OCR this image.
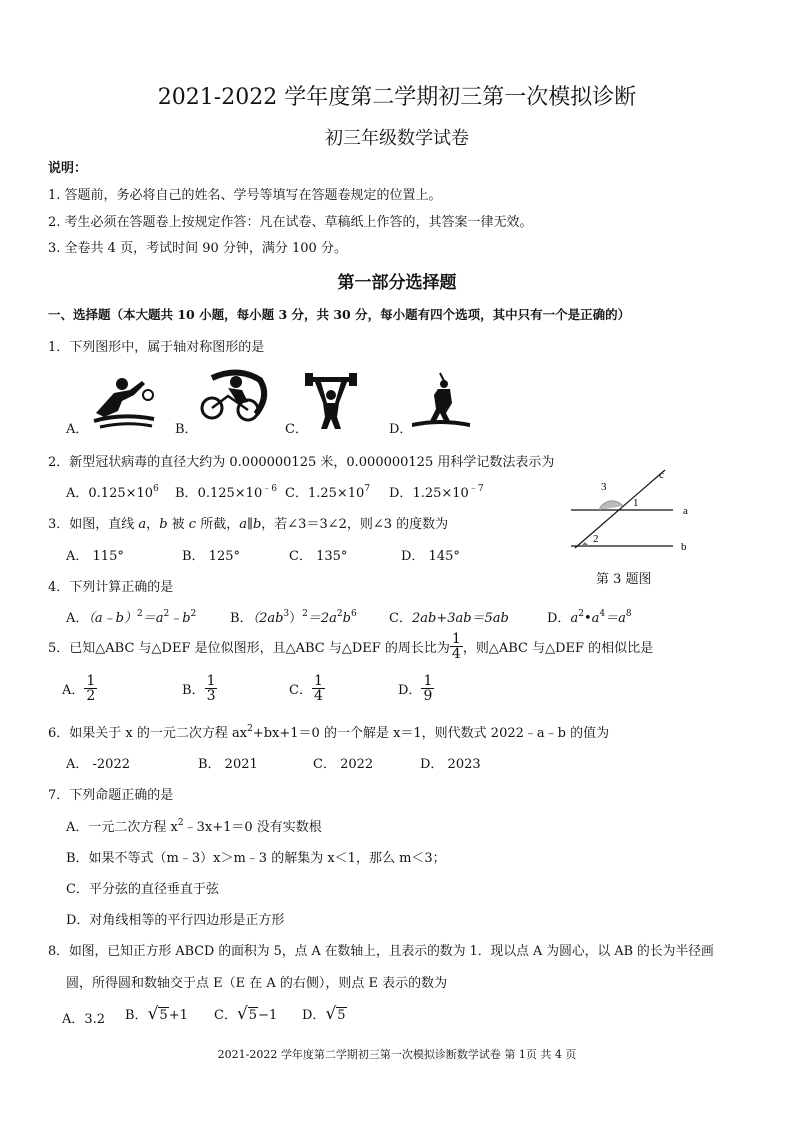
2021-2022 学年度第二学期初三第一次模拟诊断
初三年级数学试卷
说明：
1. 答题前，务必将自己的姓名、学号等填写在答题卷规定的位置上。
2. 考生必须在答题卷上按规定作答：凡在试卷、草稿纸上作答的，其答案一律无效。
3. 全卷共 4 页，考试时间 90 分钟，满分 100 分。
第一部分选择题
一、选择题（本大题共 10 小题，每小题 3 分，共 30 分，每小题有四个选项，其中只有一个是正确的）
1．下列图形中，属于轴对称图形的是
A．	B．	C．	D．
2．新型冠状病毒的直径大约为 0.000000125 米，0.000000125 用科学记数法表示为
A．$0.125\times 10^6$ B．$0.125\times 10^{﹣6}$ C．$1.25\times 10^7$ D．$1.25\times 10^{﹣7}$
3．如图，直线 a，b 被 c 所截，a∥b，若∠3＝3∠2，则∠3 的度数为
A． 115°	B． 125°	C． 135°	D． 145°
3
1
2
a
b
c
第 3 题图
4．下列计算正确的是
A．$(a﹣b)^2=a^2﹣b^2$	B．$(2ab^3)^2=2a^2b^6$ C．2ab+3ab＝5ab	D．$a^2•a^4=a^8$
5．已知△ABC 与△DEF 是位似图形，且△ABC 与△DEF 的周长比为 $\frac{1}{4}$ ，则△ABC 与△DEF 的相似比是
A． $\frac{1}{2}$	B． $\frac{1}{3}$	C． $\frac{1}{4}$	D． $\frac{1}{9}$
6．如果关于 x 的一元二次方程 $ax^2+bx+1=0$ 的一个解是 x＝1，则代数式 2022﹣a﹣b 的值为
A． -2022	B． 2021	C． 2022	D． 2023
7．下列命题正确的是
A．一元二次方程 $x^2﹣3x+1=0$ 没有实数根
B．如果不等式（m﹣3）x＞m﹣3 的解集为 x＜1，那么 m＜3；
C．平分弦的直径垂直于弦
D．对角线相等的平行四边形是正方形
8．如图，已知正方形 ABCD 的面积为 5，点 A 在数轴上，且表示的数为 1．现以点 A 为圆心，以 AB 的长为半径画
圆，所得圆和数轴交于点 E（E 在 A 的右侧），则点 E 表示的数为
A．3.2 B．√5+1 C．√5−1 D．√5
2021-2022 学年度第二学期初三第一次模拟诊断数学试卷 第 1页 共 4 页
